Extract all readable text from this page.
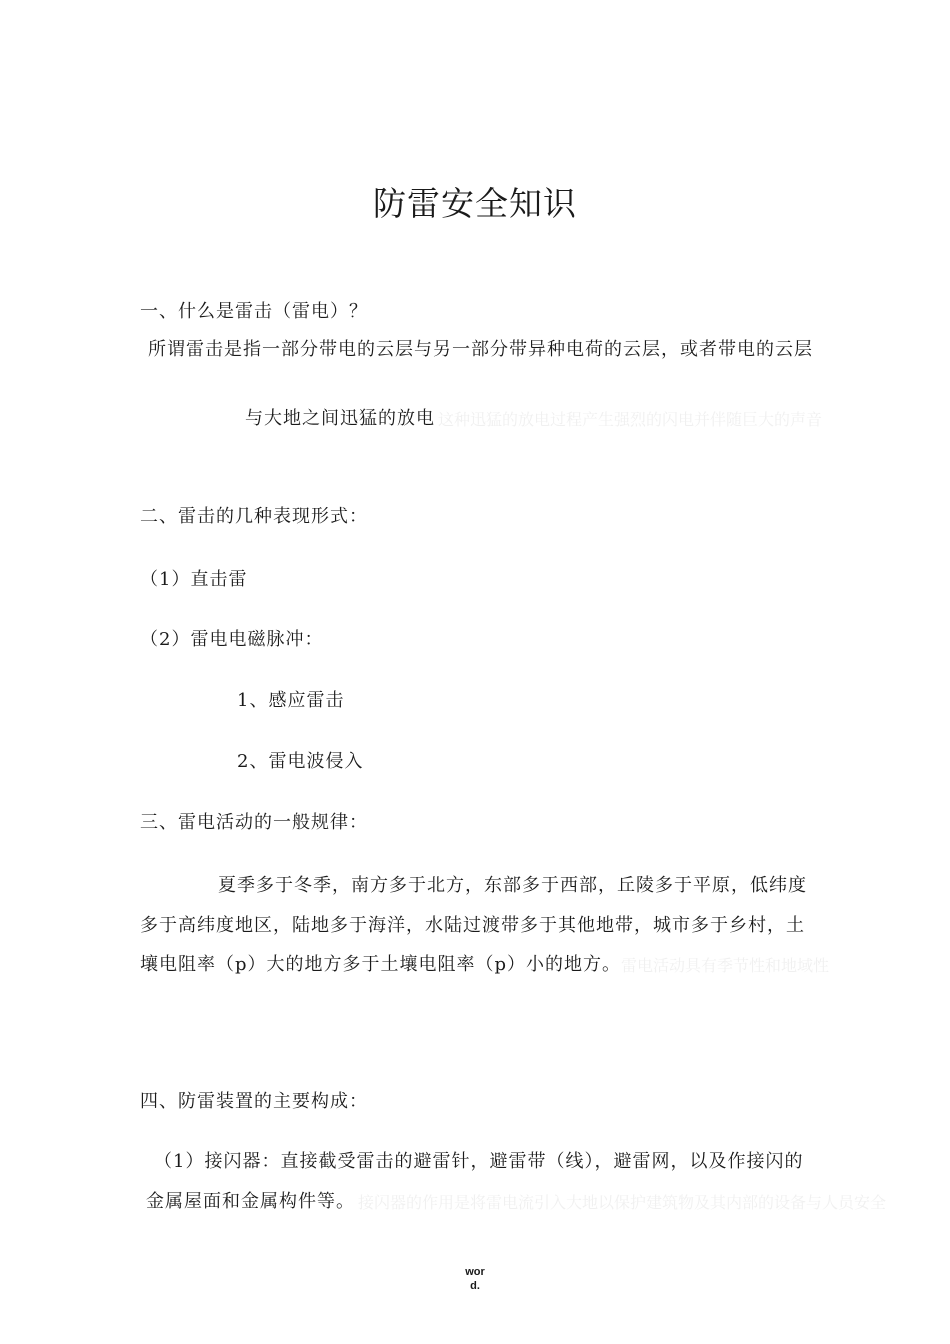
防雷安全知识
一、什么是雷击（雷电）？
所谓雷击是指一部分带电的云层与另一部分带异种电荷的云层，或者带电的云层
与大地之间迅猛的放电 这种迅猛的放电过程产生强烈的闪电并伴随巨大的声音
二、雷击的几种表现形式：
（1）直击雷
（2）雷电电磁脉冲：
1、感应雷击
2、雷电波侵入
三、雷电活动的一般规律：
夏季多于冬季，南方多于北方，东部多于西部，丘陵多于平原，低纬度
多于高纬度地区，陆地多于海洋，水陆过渡带多于其他地带，城市多于乡村，土
壤电阻率（p）大的地方多于土壤电阻率（p）小的地方。 雷电活动具有季节性和地域性
四、防雷装置的主要构成：
（1）接闪器：直接截受雷击的避雷针，避雷带（线），避雷网，以及作接闪的
金属屋面和金属构件等。 接闪器的作用是将雷电流引入大地以保护建筑物及其内部的设备与人员安全
wor
d.
